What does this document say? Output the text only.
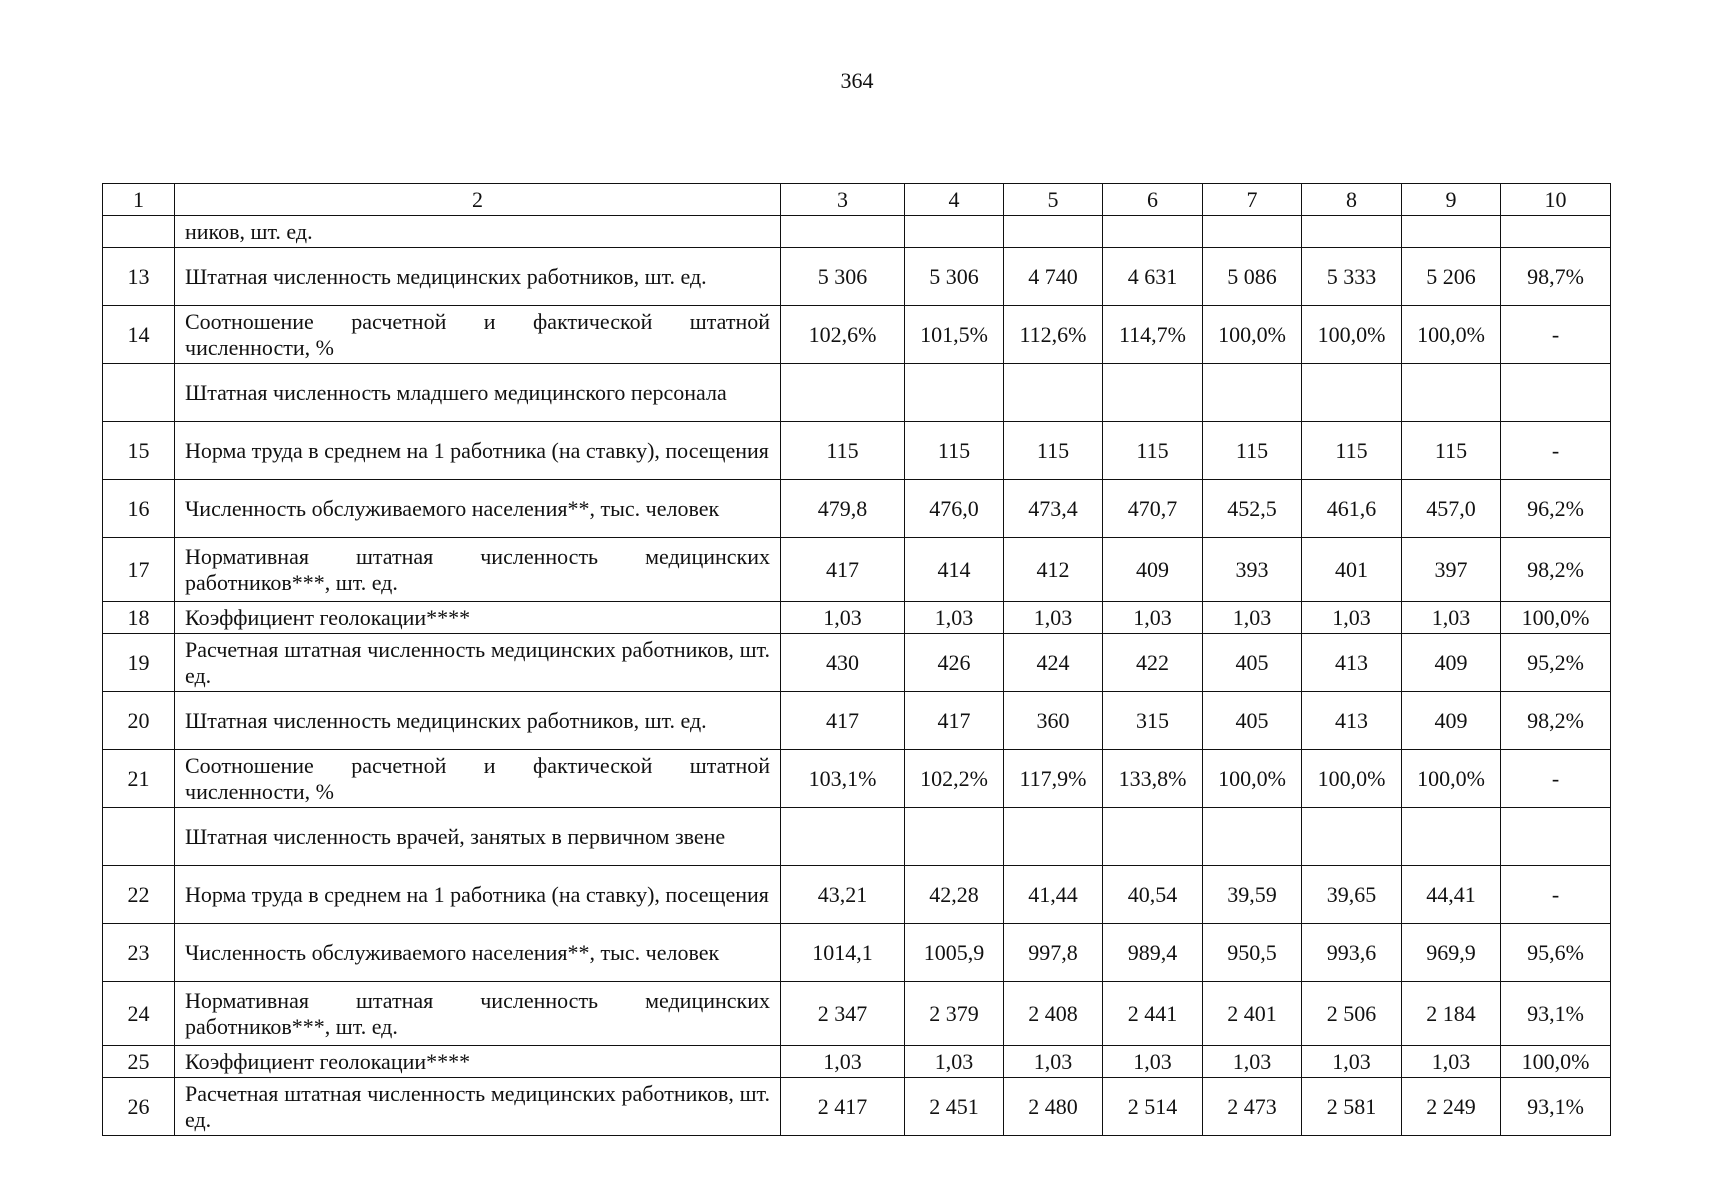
364
1	2	3	4	5	6	7	8	9	10
	ников, шт. ед.								
13	Штатная численность медицинских работников, шт. ед.	5 306	5 306	4 740	4 631	5 086	5 333	5 206	98,7%
14	Соотношение расчетной и фактической штатной численности, %	102,6%	101,5%	112,6%	114,7%	100,0%	100,0%	100,0%	-
	Штатная численность младшего медицинского персонала								
15	Норма труда в среднем на 1 работника (на ставку), посещения	115	115	115	115	115	115	115	-
16	Численность обслуживаемого населения**, тыс. человек	479,8	476,0	473,4	470,7	452,5	461,6	457,0	96,2%
17	Нормативная штатная численность медицинских работников***, шт. ед.	417	414	412	409	393	401	397	98,2%
18	Коэффициент геолокации****	1,03	1,03	1,03	1,03	1,03	1,03	1,03	100,0%
19	Расчетная штатная численность медицинских работников, шт. ед.	430	426	424	422	405	413	409	95,2%
20	Штатная численность медицинских работников, шт. ед.	417	417	360	315	405	413	409	98,2%
21	Соотношение расчетной и фактической штатной численности, %	103,1%	102,2%	117,9%	133,8%	100,0%	100,0%	100,0%	-
	Штатная численность врачей, занятых в первичном звене								
22	Норма труда в среднем на 1 работника (на ставку), посещения	43,21	42,28	41,44	40,54	39,59	39,65	44,41	-
23	Численность обслуживаемого населения**, тыс. человек	1014,1	1005,9	997,8	989,4	950,5	993,6	969,9	95,6%
24	Нормативная штатная численность медицинских работников***, шт. ед.	2 347	2 379	2 408	2 441	2 401	2 506	2 184	93,1%
25	Коэффициент геолокации****	1,03	1,03	1,03	1,03	1,03	1,03	1,03	100,0%
26	Расчетная штатная численность медицинских работников, шт. ед.	2 417	2 451	2 480	2 514	2 473	2 581	2 249	93,1%
